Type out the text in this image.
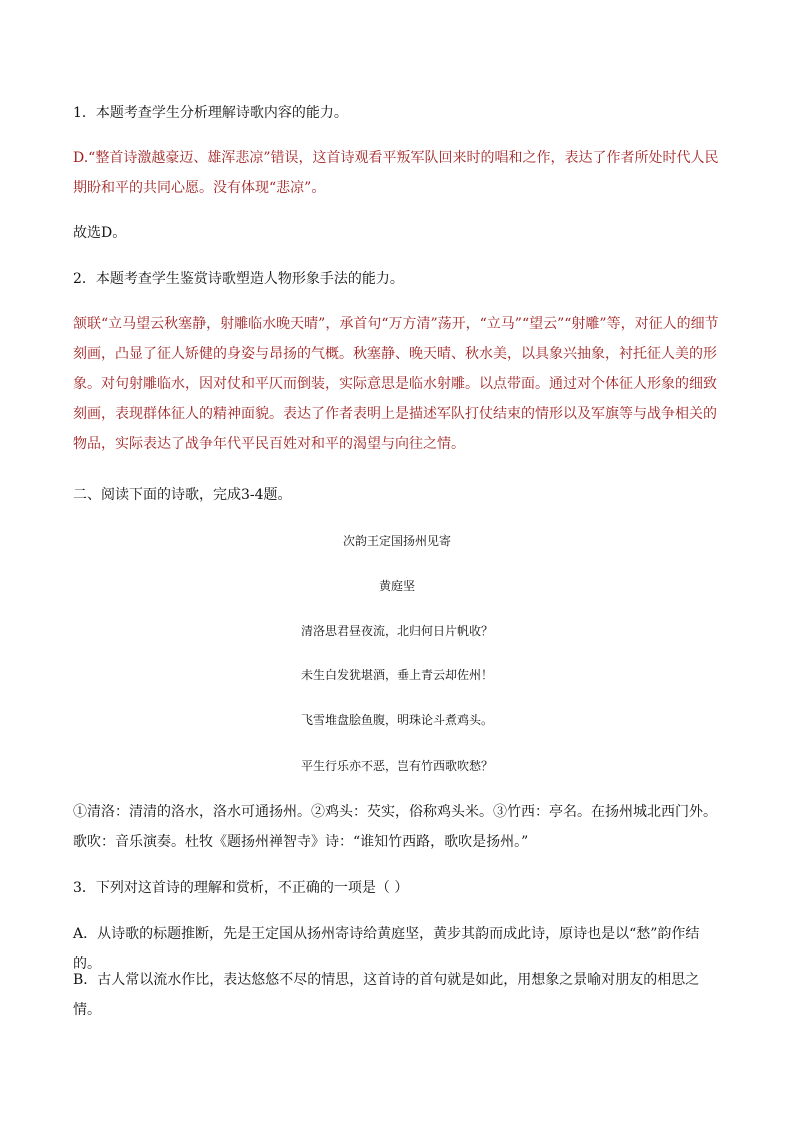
1．本题考查学生分析理解诗歌内容的能力。

D.“整首诗激越豪迈、雄浑悲凉”错误，这首诗观看平叛军队回来时的唱和之作，表达了作者所处时代人民期盼和平的共同心愿。没有体现“悲凉”。

故选D。

2．本题考查学生鉴赏诗歌塑造人物形象手法的能力。

颔联“立马望云秋塞静，射雕临水晚天晴”，承首句“万方清”荡开，“立马”“望云”“射雕”等，对征人的细节刻画，凸显了征人矫健的身姿与昂扬的气概。秋塞静、晚天晴、秋水美，以具象兴抽象，衬托征人美的形象。对句射雕临水，因对仗和平仄而倒装，实际意思是临水射雕。以点带面。通过对个体征人形象的细致刻画，表现群体征人的精神面貌。表达了作者表明上是描述军队打仗结束的情形以及军旗等与战争相关的物品，实际表达了战争年代平民百姓对和平的渴望与向往之情。

二、阅读下面的诗歌，完成3-4题。

次韵王定国扬州见寄

黄庭坚

清洛思君昼夜流，北归何日片帆收？

未生白发犹堪酒，垂上青云却佐州！

飞雪堆盘脍鱼腹，明珠论斗煮鸡头。

平生行乐亦不恶，岂有竹西歌吹愁？

①清洛：清清的洛水，洛水可通扬州。②鸡头：芡实，俗称鸡头米。③竹西：亭名。在扬州城北西门外。歌吹：音乐演奏。杜牧《题扬州禅智寺》诗：“谁知竹西路，歌吹是扬州。”

3．下列对这首诗的理解和赏析，不正确的一项是（ ）

A．从诗歌的标题推断，先是王定国从扬州寄诗给黄庭坚，黄步其韵而成此诗，原诗也是以“愁”韵作结的。

B．古人常以流水作比，表达悠悠不尽的情思，这首诗的首句就是如此，用想象之景喻对朋友的相思之情。
